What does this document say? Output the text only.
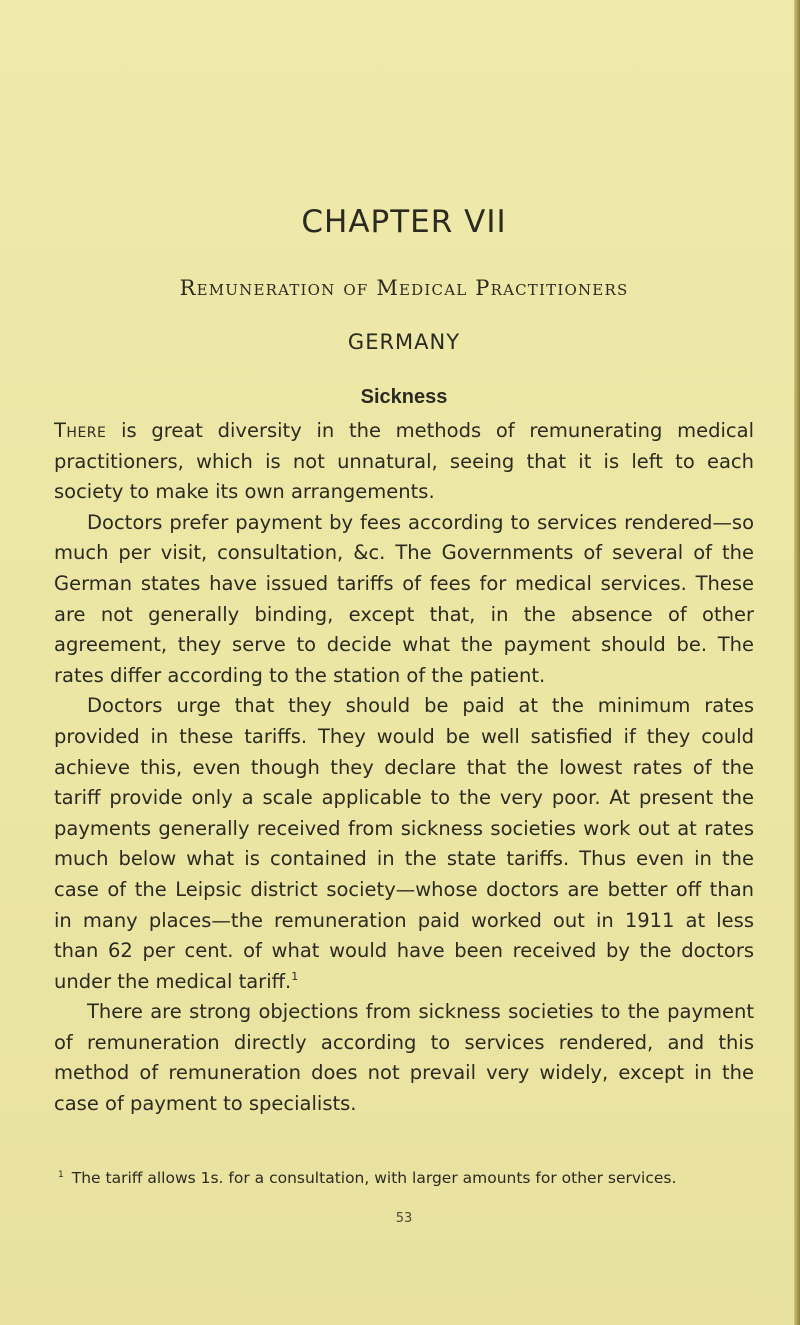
CHAPTER VII
Remuneration of Medical Practitioners
GERMANY
Sickness

There is great diversity in the methods of remunerating medical practitioners, which is not unnatural, seeing that it is left to each society to make its own arrangements.

Doctors prefer payment by fees according to services rendered—so much per visit, consultation, &c. The Governments of several of the German states have issued tariffs of fees for medical services. These are not generally binding, except that, in the absence of other agreement, they serve to decide what the payment should be. The rates differ according to the station of the patient.

Doctors urge that they should be paid at the minimum rates provided in these tariffs. They would be well satisfied if they could achieve this, even though they declare that the lowest rates of the tariff provide only a scale applicable to the very poor. At present the payments generally received from sickness societies work out at rates much below what is contained in the state tariffs. Thus even in the case of the Leipsic district society—whose doctors are better off than in many places—the remuneration paid worked out in 1911 at less than 62 per cent. of what would have been received by the doctors under the medical tariff.$^1$

There are strong objections from sickness societies to the payment of remuneration directly according to services rendered, and this method of remuneration does not prevail very widely, except in the case of payment to specialists.

$^1$ The tariff allows 1s. for a consultation, with larger amounts for other services.
53
